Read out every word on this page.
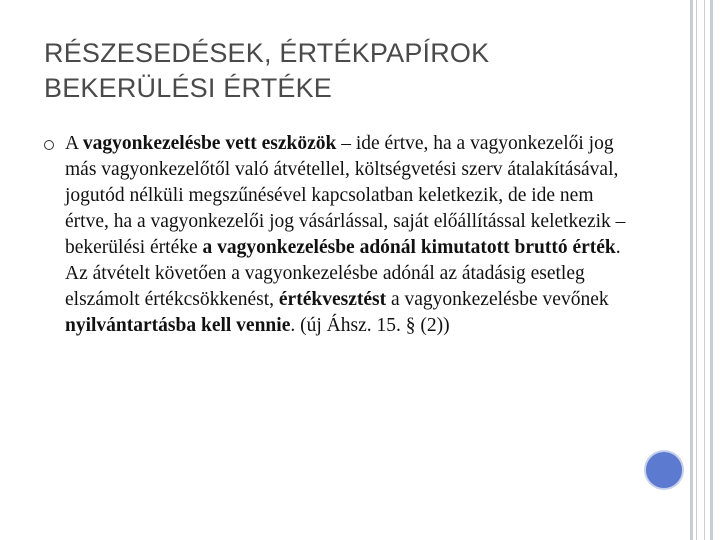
RÉSZESEDÉSEK, ÉRTÉKPAPÍROK
BEKERÜLÉSI ÉRTÉKE
A vagyonkezelésbe vett eszközök – ide értve, ha a vagyonkezelői jog más vagyonkezelőtől való átvétellel, költségvetési szerv átalakításával, jogutód nélküli megszűnésével kapcsolatban keletkezik, de ide nem értve, ha a vagyonkezelői jog vásárlással, saját előállítással keletkezik – bekerülési értéke a vagyonkezelésbe adónál kimutatott bruttó érték. Az átvételt követően a vagyonkezelésbe adónál az átadásig esetleg elszámolt értékcsökkenést, értékvesztést a vagyonkezelésbe vevőnek nyilvántartásba kell vennie. (új Áhsz. 15. § (2))
